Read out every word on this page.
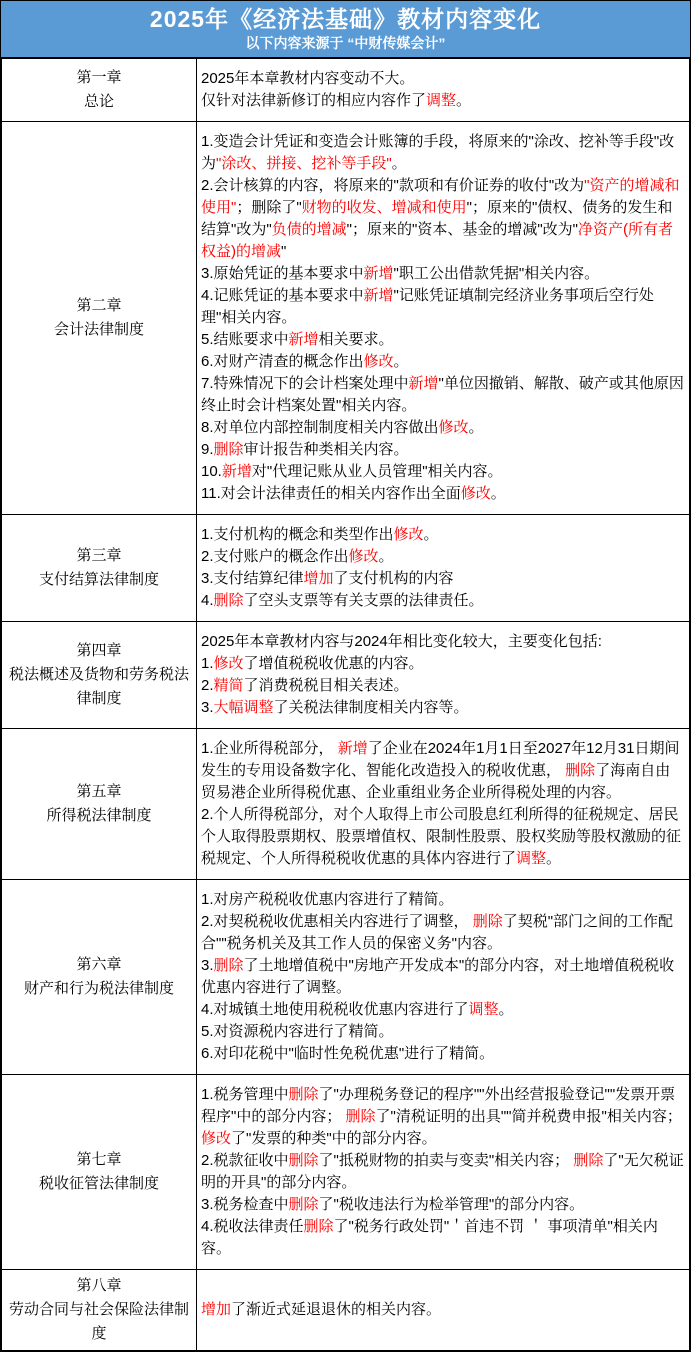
2025年《经济法基础》教材内容变化
以下内容来源于 “中财传媒会计”
第一章
总论

2025年本章教材内容变动不大。
仅针对法律新修订的相应内容作了调整。

第二章
会计法律制度

1.变造会计凭证和变造会计账簿的手段，将原来的"涂改、挖补等手段"改为"涂改、拼接、挖补等手段"。
2.会计核算的内容，将原来的"款项和有价证券的收付"改为"资产的增减和使用"；删除了"财物的收发、增减和使用"；原来的"债权、债务的发生和结算"改为"负债的增减"；原来的"资本、基金的增减"改为"净资产(所有者权益)的增减"
3.原始凭证的基本要求中新增"职工公出借款凭据"相关内容。
4.记账凭证的基本要求中新增"记账凭证填制完经济业务事项后空行处理"相关内容。
5.结账要求中新增相关要求。
6.对财产清查的概念作出修改。
7.特殊情况下的会计档案处理中新增"单位因撤销、解散、破产或其他原因终止时会计档案处置"相关内容。
8.对单位内部控制制度相关内容做出修改。
9.删除审计报告种类相关内容。
10.新增对"代理记账从业人员管理"相关内容。
11.对会计法律责任的相关内容作出全面修改。

第三章
支付结算法律制度

1.支付机构的概念和类型作出修改。
2.支付账户的概念作出修改。
3.支付结算纪律增加了支付机构的内容
4.删除了空头支票等有关支票的法律责任。

第四章
税法概述及货物和劳务税法律制度

2025年本章教材内容与2024年相比变化较大，主要变化包括:
1.修改了增值税税收优惠的内容。
2.精简了消费税税目相关表述。
3.大幅调整了关税法律制度相关内容等。

第五章
所得税法律制度

1.企业所得税部分， 新增了企业在2024年1月1日至2027年12月31日期间发生的专用设备数字化、智能化改造投入的税收优惠， 删除了海南自由贸易港企业所得税优惠、企业重组业务企业所得税处理的内容。
2.个人所得税部分，对个人取得上市公司股息红利所得的征税规定、居民个人取得股票期权、股票增值权、限制性股票、股权奖励等股权激励的征税规定、个人所得税税收优惠的具体内容进行了调整。

第六章
财产和行为税法律制度

1.对房产税税收优惠内容进行了精简。
2.对契税税收优惠相关内容进行了调整， 删除了契税"部门之间的工作配合""税务机关及其工作人员的保密义务"内容。
3.删除了土地增值税中"房地产开发成本"的部分内容，对土地增值税税收优惠内容进行了调整。
4.对城镇土地使用税税收优惠内容进行了调整。
5.对资源税内容进行了精简。
6.对印花税中"临时性免税优惠"进行了精简。

第七章
税收征管法律制度

1.税务管理中删除了"办理税务登记的程序""外出经营报验登记""发票开票程序"中的部分内容； 删除了"清税证明的出具""简并税费申报"相关内容； 修改了"发票的种类"中的部分内容。
2.税款征收中删除了"抵税财物的拍卖与变卖"相关内容； 删除了"无欠税证明的开具"的部分内容。
3.税务检查中删除了"税收违法行为检举管理"的部分内容。
4.税收法律责任删除了"税务行政处罚"＇首违不罚 ＇ 事项清单"相关内容。

第八章
劳动合同与社会保险法律制度	增加了渐近式延退退休的相关内容。
